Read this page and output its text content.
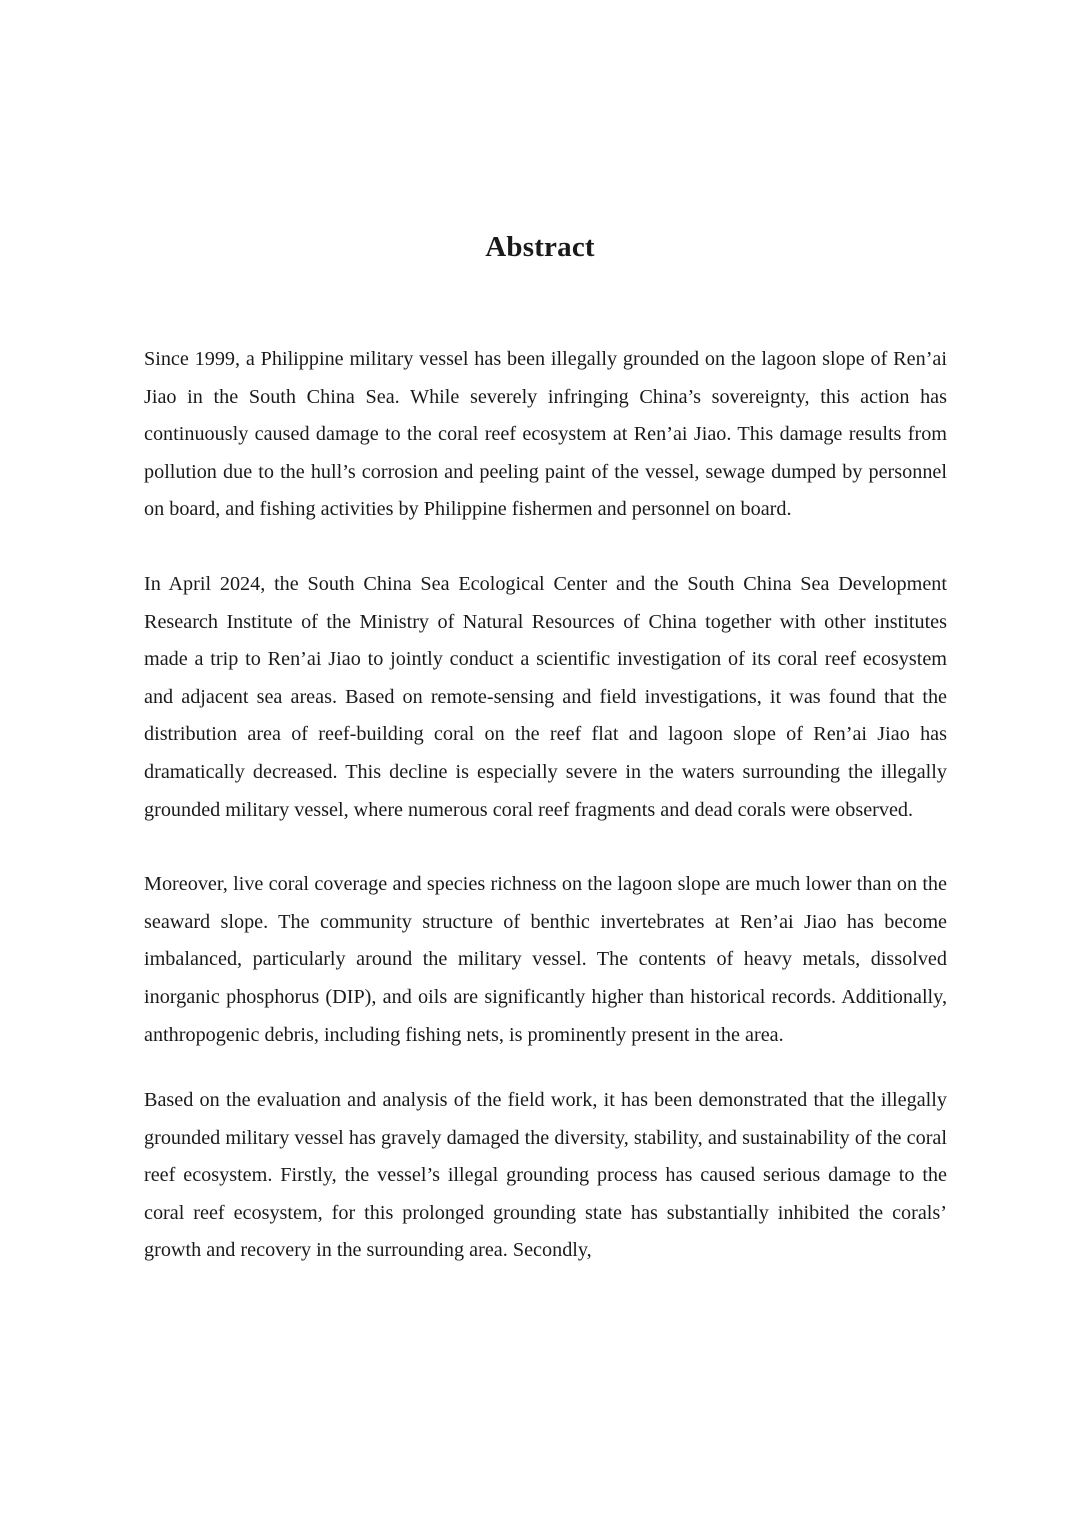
Abstract

Since 1999, a Philippine military vessel has been illegally grounded on the lagoon slope of Ren’ai Jiao in the South China Sea. While severely infringing China’s sovereignty, this action has continuously caused damage to the coral reef ecosystem at Ren’ai Jiao. This damage results from pollution due to the hull’s corrosion and peeling paint of the vessel, sewage dumped by personnel on board, and fishing activities by Philippine fishermen and personnel on board.

In April 2024, the South China Sea Ecological Center and the South China Sea Development Research Institute of the Ministry of Natural Resources of China together with other institutes made a trip to Ren’ai Jiao to jointly conduct a scientific investigation of its coral reef ecosystem and adjacent sea areas. Based on remote-sensing and field investigations, it was found that the distribution area of reef-building coral on the reef flat and lagoon slope of Ren’ai Jiao has dramatically decreased. This decline is especially severe in the waters surrounding the illegally grounded military vessel, where numerous coral reef fragments and dead corals were observed.

Moreover, live coral coverage and species richness on the lagoon slope are much lower than on the seaward slope. The community structure of benthic invertebrates at Ren’ai Jiao has become imbalanced, particularly around the military vessel. The contents of heavy metals, dissolved inorganic phosphorus (DIP), and oils are significantly higher than historical records. Additionally, anthropogenic debris, including fishing nets, is prominently present in the area.

Based on the evaluation and analysis of the field work, it has been demonstrated that the illegally grounded military vessel has gravely damaged the diversity, stability, and sustainability of the coral reef ecosystem. Firstly, the vessel’s illegal grounding process has caused serious damage to the coral reef ecosystem, for this prolonged grounding state has substantially inhibited the corals’ growth and recovery in the surrounding area. Secondly,
